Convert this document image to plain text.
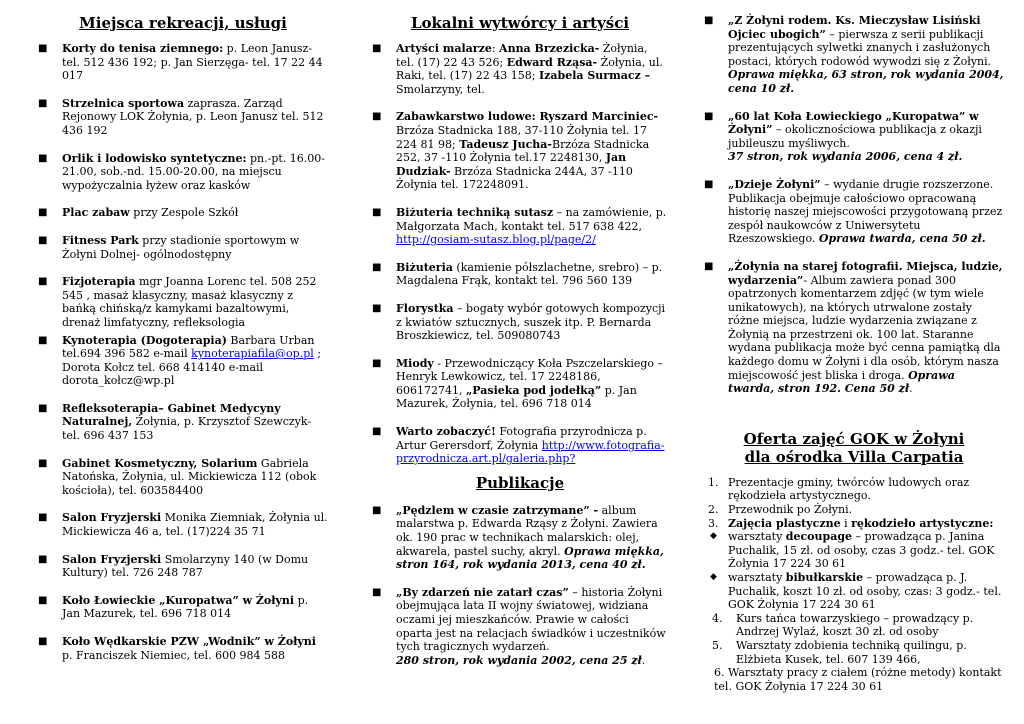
Miejsca rekreacji, usługi
■ Korty do tenisa ziemnego: p. Leon Janusz- tel. 512 436 192; p. Jan Sierzęga- tel. 17 22 44 017
■ Strzelnica sportowa zaprasza. Zarząd Rejonowy LOK Żołynia, p. Leon Janusz tel. 512 436 192
■ Orlik i lodowisko syntetyczne: pn.-pt. 16.00-21.00, sob.-nd. 15.00-20.00, na miejscu wypożyczalnia łyżew oraz kasków
■ Plac zabaw przy Zespole Szkół
■ Fitness Park przy stadionie sportowym w Żołyni Dolnej- ogólnodostępny
■ Fizjoterapia mgr Joanna Lorenc tel. 508 252 545 , masaż klasyczny, masaż klasyczny z bańką chińską/z kamykami bazaltowymi, drenaż limfatyczny, refleksologia
■ Kynoterapia (Dogoterapia) Barbara Urban tel.694 396 582 e-mail kynoterapiafila@op.pl ; Dorota Kołcz tel. 668 414140 e-mail dorota_kołcz@wp.pl
■ Refleksoterapia– Gabinet Medycyny Naturalnej, Żołynia, p. Krzysztof Szewczyk- tel. 696 437 153
■ Gabinet Kosmetyczny, Solarium Gabriela Natońska, Żołynia, ul. Mickiewicza 112 (obok kościoła), tel. 603584400
■ Salon Fryzjerski Monika Ziemniak, Żołynia ul. Mickiewicza 46 a, tel. (17)224 35 71
■ Salon Fryzjerski Smolarzyny 140 (w Domu Kultury) tel. 726 248 787
■ Koło Łowieckie „Kuropatwa” w Żołyni p. Jan Mazurek, tel. 696 718 014
■ Koło Wędkarskie PZW „Wodnik” w Żołyni p. Franciszek Niemiec, tel. 600 984 588
Lokalni wytwórcy i artyści
■ Artyści malarze: Anna Brzezicka- Żołynia, tel. (17) 22 43 526; Edward Rząsa- Żołynia, ul. Raki, tel. (17) 22 43 158; Izabela Surmacz – Smolarzyny, tel.
■ Zabawkarstwo ludowe: Ryszard Marciniec- Brzóza Stadnicka 188, 37-110 Żołynia tel. 17 224 81 98; Tadeusz Jucha-Brzóza Stadnicka 252, 37 -110 Żołynia tel.17 2248130, Jan Dudziak- Brzóza Stadnicka 244A, 37 -110 Żołynia tel. 172248091.
■ Biżuteria techniką sutasz – na zamówienie, p. Małgorzata Mach, kontakt tel. 517 638 422, http://gosiam-sutasz.blog.pl/page/2/
■ Biżuteria (kamienie półszlachetne, srebro) – p. Magdalena Frąk, kontakt tel. 796 560 139
■ Florystka – bogaty wybór gotowych kompozycji z kwiatów sztucznych, suszek itp. P. Bernarda Broszkiewicz, tel. 509080743
■ Miody - Przewodniczący Koła Pszczelarskiego – Henryk Lewkowicz, tel. 17 2248186, 606172741, „Pasieka pod jodełką” p. Jan Mazurek, Żołynia, tel. 696 718 014
■ Warto zobaczyć! Fotografia przyrodnicza p. Artur Gerersdorf, Żołynia http://www.fotografia-przyrodnicza.art.pl/galeria.php?
Publikacje
■ „Pędzlem w czasie zatrzymane” - album malarstwa p. Edwarda Rząsy z Żołyni. Zawiera ok. 190 prac w technikach malarskich: olej, akwarela, pastel suchy, akryl. Oprawa miękka, stron 164, rok wydania 2013, cena 40 zł.
■ „By zdarzeń nie zatarł czas” – historia Żołyni obejmująca lata II wojny światowej, widziana oczami jej mieszkańców. Prawie w całości oparta jest na relacjach świadków i uczestników tych tragicznych wydarzeń.
280 stron, rok wydania 2002, cena 25 zł.
■ „Z Żołyni rodem. Ks. Mieczysław Lisiński Ojciec ubogich” – pierwsza z serii publikacji prezentujących sylwetki znanych i zasłużonych postaci, których rodowód wywodzi się z Żołyni. Oprawa miękka, 63 stron, rok wydania 2004, cena 10 zł.
■ „60 lat Koła Łowieckiego „Kuropatwa” w Żołyni” – okolicznościowa publikacja z okazji jubileuszu myśliwych.
37 stron, rok wydania 2006, cena 4 zł.
■ „Dzieje Żołyni” – wydanie drugie rozszerzone. Publikacja obejmuje całościowo opracowaną historię naszej miejscowości przygotowaną przez zespół naukowców z Uniwersytetu Rzeszowskiego. Oprawa twarda, cena 50 zł.
■ „Żołynia na starej fotografii. Miejsca, ludzie, wydarzenia”- Album zawiera ponad 300 opatrzonych komentarzem zdjęć (w tym wiele unikatowych), na których utrwalone zostały różne miejsca, ludzie wydarzenia związane z Żołynią na przestrzeni ok. 100 lat. Staranne wydana publikacja może być cenna pamiątką dla każdego domu w Żołyni i dla osób, którym nasza miejscowość jest bliska i droga. Oprawa twarda, stron 192. Cena 50 zł.
Oferta zajęć GOK w Żołyni
dla ośrodka Villa Carpatia
1. Prezentacje gminy, twórców ludowych oraz rękodzieła artystycznego.
2. Przewodnik po Żołyni.
3. Zajęcia plastyczne i rękodzieło artystyczne:
◆ warsztaty decoupage – prowadząca p. Janina Puchalik, 15 zł. od osoby, czas 3 godz.- tel. GOK Żołynia 17 224 30 61
◆ warsztaty bibułkarskie – prowadząca p. J. Puchalik, koszt 10 zł. od osoby, czas: 3 godz.- tel. GOK Żołynia 17 224 30 61
4. Kurs tańca towarzyskiego – prowadzący p. Andrzej Wylaź, koszt 30 zł. od osoby
5. Warsztaty zdobienia techniką quilingu, p. Elżbieta Kusek, tel. 607 139 466,
6. Warsztaty pracy z ciałem (różne metody) kontakt tel. GOK Żołynia 17 224 30 61
